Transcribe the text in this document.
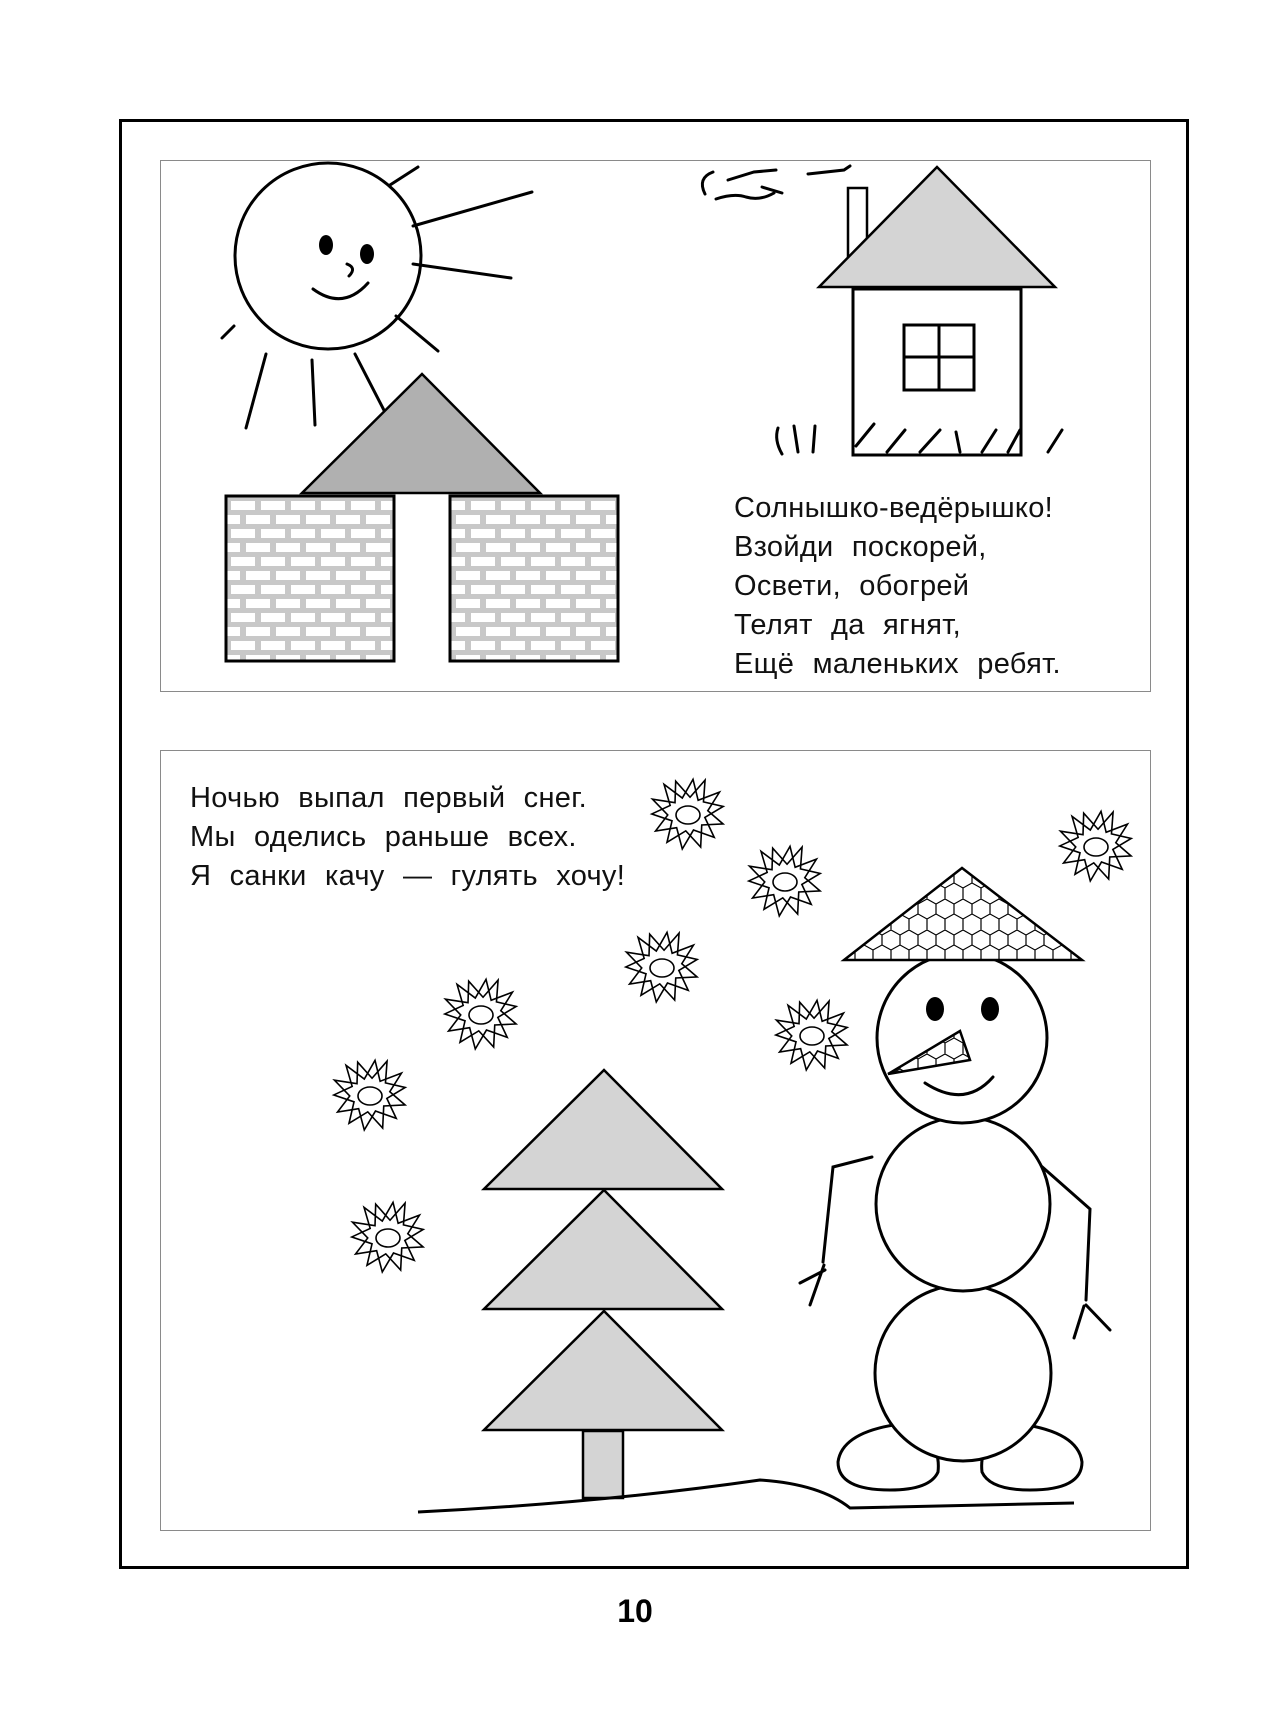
Солнышко-ведёрышко!
Взойди поскорей,
Освети, обогрей
Телят да ягнят,
Ещё маленьких ребят.
Ночью выпал первый снег.
Мы оделись раньше всех.
Я санки качу — гулять хочу!
10
